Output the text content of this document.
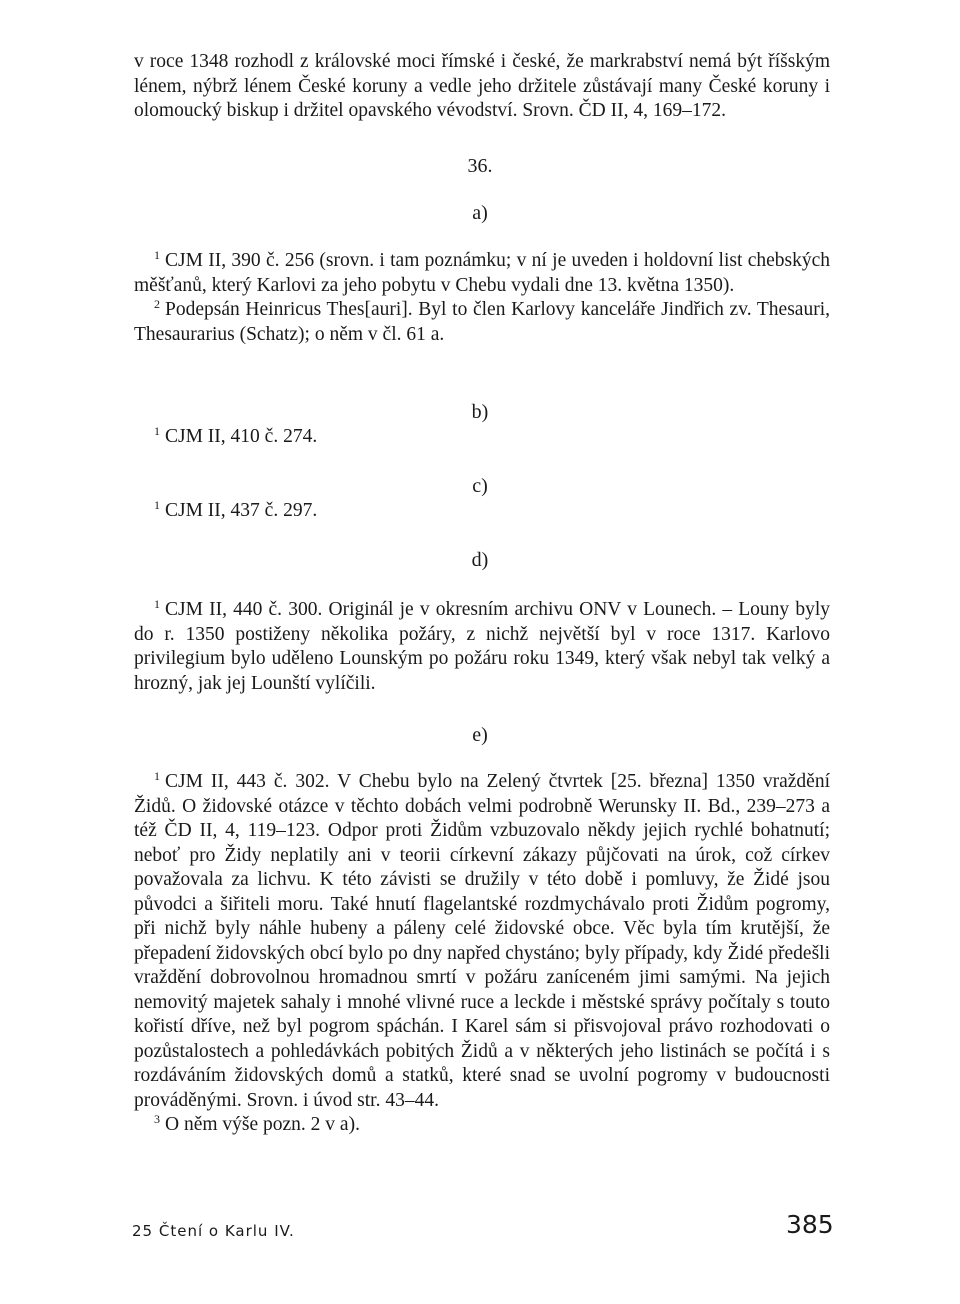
v roce 1348 rozhodl z královské moci římské i české, že markrabství nemá být říšským lénem, nýbrž lénem České koruny a vedle jeho držitele zůstávají many České koruny i olomoucký biskup i držitel opavského vévodství. Srovn. ČD II, 4, 169–172.

36.
a)

$^1$ CJM II, 390 č. 256 (srovn. i tam poznámku; v ní je uveden i holdovní list chebských měšťanů, který Karlovi za jeho pobytu v Chebu vydali dne 13. května 1350).

$^2$ Podepsán Heinricus Thes[auri]. Byl to člen Karlovy kanceláře Jindřich zv. Thesauri, Thesaurarius (Schatz); o něm v čl. 61 a.

b)
$^1$ CJM II, 410 č. 274.
c)
$^1$ CJM II, 437 č. 297.
d)

$^1$ CJM II, 440 č. 300. Originál je v okresním archivu ONV v Lounech. – Louny byly do r. 1350 postiženy několika požáry, z nichž největší byl v roce 1317. Karlovo privilegium bylo uděleno Lounským po požáru roku 1349, který však nebyl tak velký a hrozný, jak jej Lounští vylíčili.

e)

$^1$ CJM II, 443 č. 302. V Chebu bylo na Zelený čtvrtek [25. března] 1350 vraždění Židů. O židovské otázce v těchto dobách velmi podrobně Werunsky II. Bd., 239–273 a též ČD II, 4, 119–123. Odpor proti Židům vzbuzovalo někdy jejich rychlé bohatnutí; neboť pro Židy neplatily ani v teorii církevní zákazy půjčovati na úrok, což církev považovala za lichvu. K této závisti se družily v této době i pomluvy, že Židé jsou původci a šiřiteli moru. Také hnutí flagelantské rozdmychávalo proti Židům pogromy, při nichž byly náhle hubeny a páleny celé židovské obce. Věc byla tím krutější, že přepadení židovských obcí bylo po dny napřed chystáno; byly případy, kdy Židé předešli vraždění dobrovolnou hromadnou smrtí v požáru zaníceném jimi samými. Na jejich nemovitý majetek sahaly i mnohé vlivné ruce a leckde i městské správy počítaly s touto kořistí dříve, než byl pogrom spáchán. I Karel sám si přisvojoval právo rozhodovati o pozůstalostech a pohledávkách pobitých Židů a v některých jeho listinách se počítá i s rozdáváním židovských domů a statků, které snad se uvolní pogromy v budoucnosti prováděnými. Srovn. i úvod str. 43–44.

$^3$ O něm výše pozn. 2 v a).

25 Čtení o Karlu IV.	385
